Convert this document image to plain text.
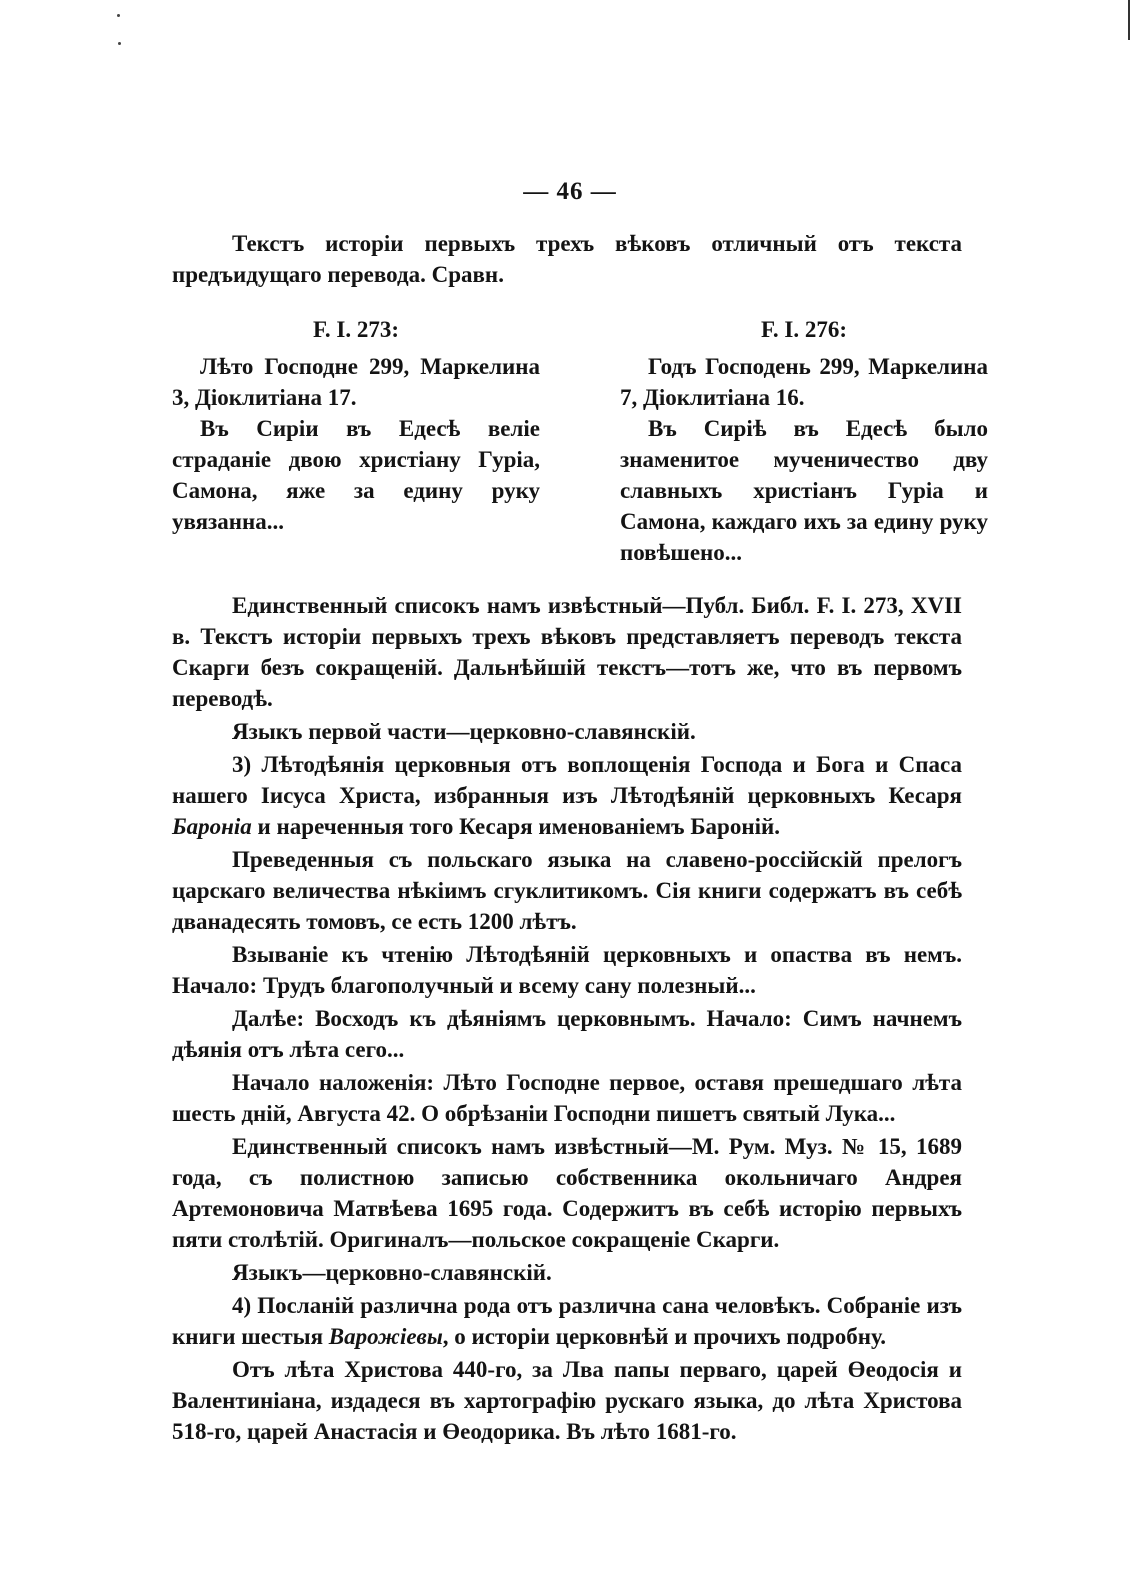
— 46 —

Текстъ исторіи первыхъ трехъ вѣковъ отличный отъ текста предъидущаго перевода. Сравн.

F. I. 273:

Лѣто Господне 299, Маркелина 3, Діоклитіана 17.

Въ Сиріи въ Едесѣ веліе страданіе двою христіану Гуріа, Самона, яже за едину руку увязанна...

F. I. 276:

Годъ Господень 299, Маркелина 7, Діоклитіана 16.

Въ Сиріѣ въ Едесѣ было знаменитое мученичество дву славныхъ христіанъ Гуріа и Самона, каждаго ихъ за едину руку повѣшено...

Единственный списокъ намъ извѣстный—Публ. Библ. F. I. 273, XVII в. Текстъ исторіи первыхъ трехъ вѣковъ представляетъ переводъ текста Скарги безъ сокращеній. Дальнѣйшій текстъ—тотъ же, что въ первомъ переводѣ.

Языкъ первой части—церковно-славянскій.

3) Лѣтодѣянія церковныя отъ воплощенія Господа и Бога и Спаса нашего Іисуса Христа, избранныя изъ Лѣтодѣяній церковныхъ Кесаря Бароніа и нареченныя того Кесаря именованіемъ Бароній.

Преведенныя съ польскаго языка на славено-россійскій прелогъ царскаго величества нѣкіимъ сгуклитикомъ. Сія книги содержатъ въ себѣ дванадесять томовъ, се есть 1200 лѣтъ.

Взываніе къ чтенію Лѣтодѣяній церковныхъ и опаства въ немъ. Начало: Трудъ благополучный и всему сану полезный...

Далѣе: Восходъ къ дѣяніямъ церковнымъ. Начало: Симъ начнемъ дѣянія отъ лѣта сего...

Начало наложенія: Лѣто Господне первое, оставя прешедшаго лѣта шесть дній, Августа 42. О обрѣзаніи Господни пишетъ святый Лука...

Единственный списокъ намъ извѣстный—М. Рум. Муз. № 15, 1689 года, съ полистною записью собственника окольничаго Андрея Артемоновича Матвѣева 1695 года. Содержитъ въ себѣ исторію первыхъ пяти столѣтій. Оригиналъ—польское сокращеніе Скарги.

Языкъ—церковно-славянскій.

4) Посланій различна рода отъ различна сана человѣкъ. Собраніе изъ книги шестыя Варожіевы, о исторіи церковнѣй и прочихъ подробну.

Отъ лѣта Христова 440-го, за Лва папы перваго, царей Өеодосія и Валентиніана, издадеся въ хартографію рускаго языка, до лѣта Христова 518-го, царей Анастасія и Өеодорика. Въ лѣто 1681-го.
